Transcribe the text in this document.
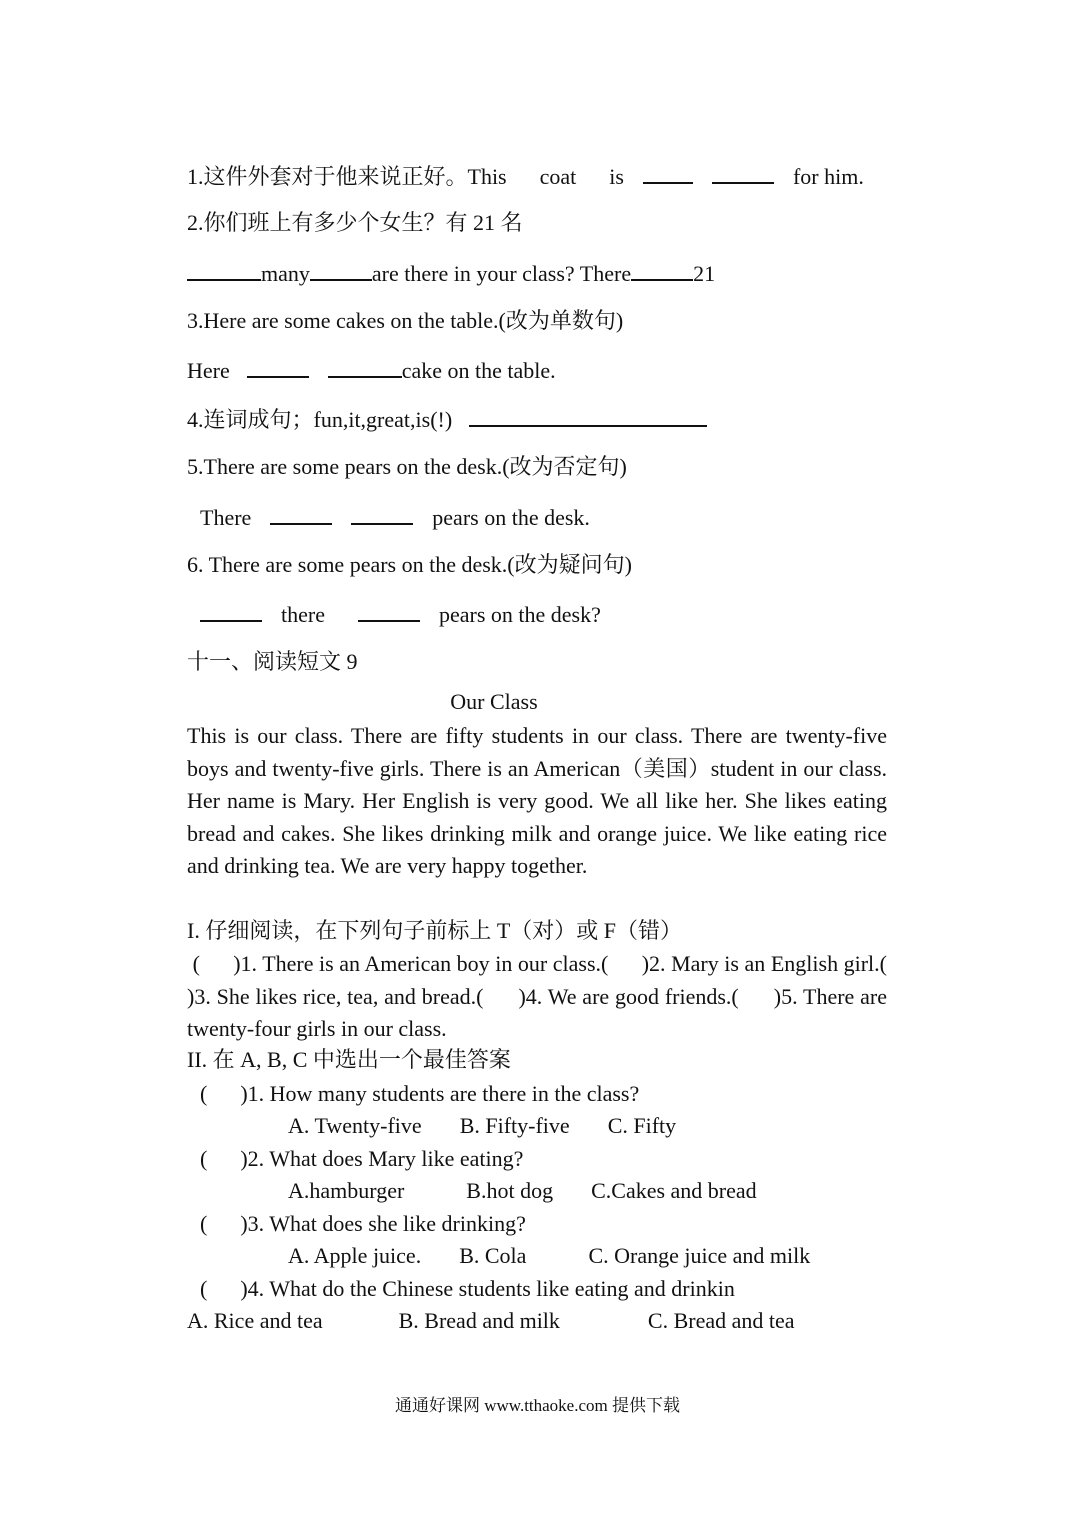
1.这件外套对于他来说正好。This coat is	for him.
2.你们班上有多少个女生？有 21 名
many	are there in your class? There	21
3.Here are some cakes on the table.(改为单数句)
Here	cake on the table.
4.连词成句；fun,it,great,is(!)
5.There are some pears on the desk.(改为否定句)
There	pears on the desk.
6. There are some pears on the desk.(改为疑问句)
there	pears on the desk?
十一、阅读短文 9
Our Class
This is our class. There are fifty students in our class. There are twenty-five boys and twenty-five girls. There is an American（美国）student in our class. Her name is Mary. Her English is very good. We all like her. She likes eating bread and cakes. She likes drinking milk and orange juice. We like eating rice and drinking tea. We are very happy together.
I. 仔细阅读，在下列句子前标上 T（对）或 F（错）
(      )1. There is an American boy in our class.(      )2. Mary is an English girl.(      )3. She likes rice, tea, and bread.(      )4. We are good friends.(      )5. There are twenty-four girls in our class.
II. 在 A, B, C 中选出一个最佳答案
(      )1. How many students are there in the class?
A. Twenty-five B. Fifty-five C. Fifty
(      )2. What does Mary like eating?
A.hamburger	B.hot dog C.Cakes and bread
(      )3. What does she like drinking?
A. Apple juice. B. Cola	C. Orange juice and milk
(      )4. What do the Chinese students like eating and drinkin
A. Rice and tea	B. Bread and milk	C. Bread and tea
通通好课网 www.tthaoke.com 提供下载
